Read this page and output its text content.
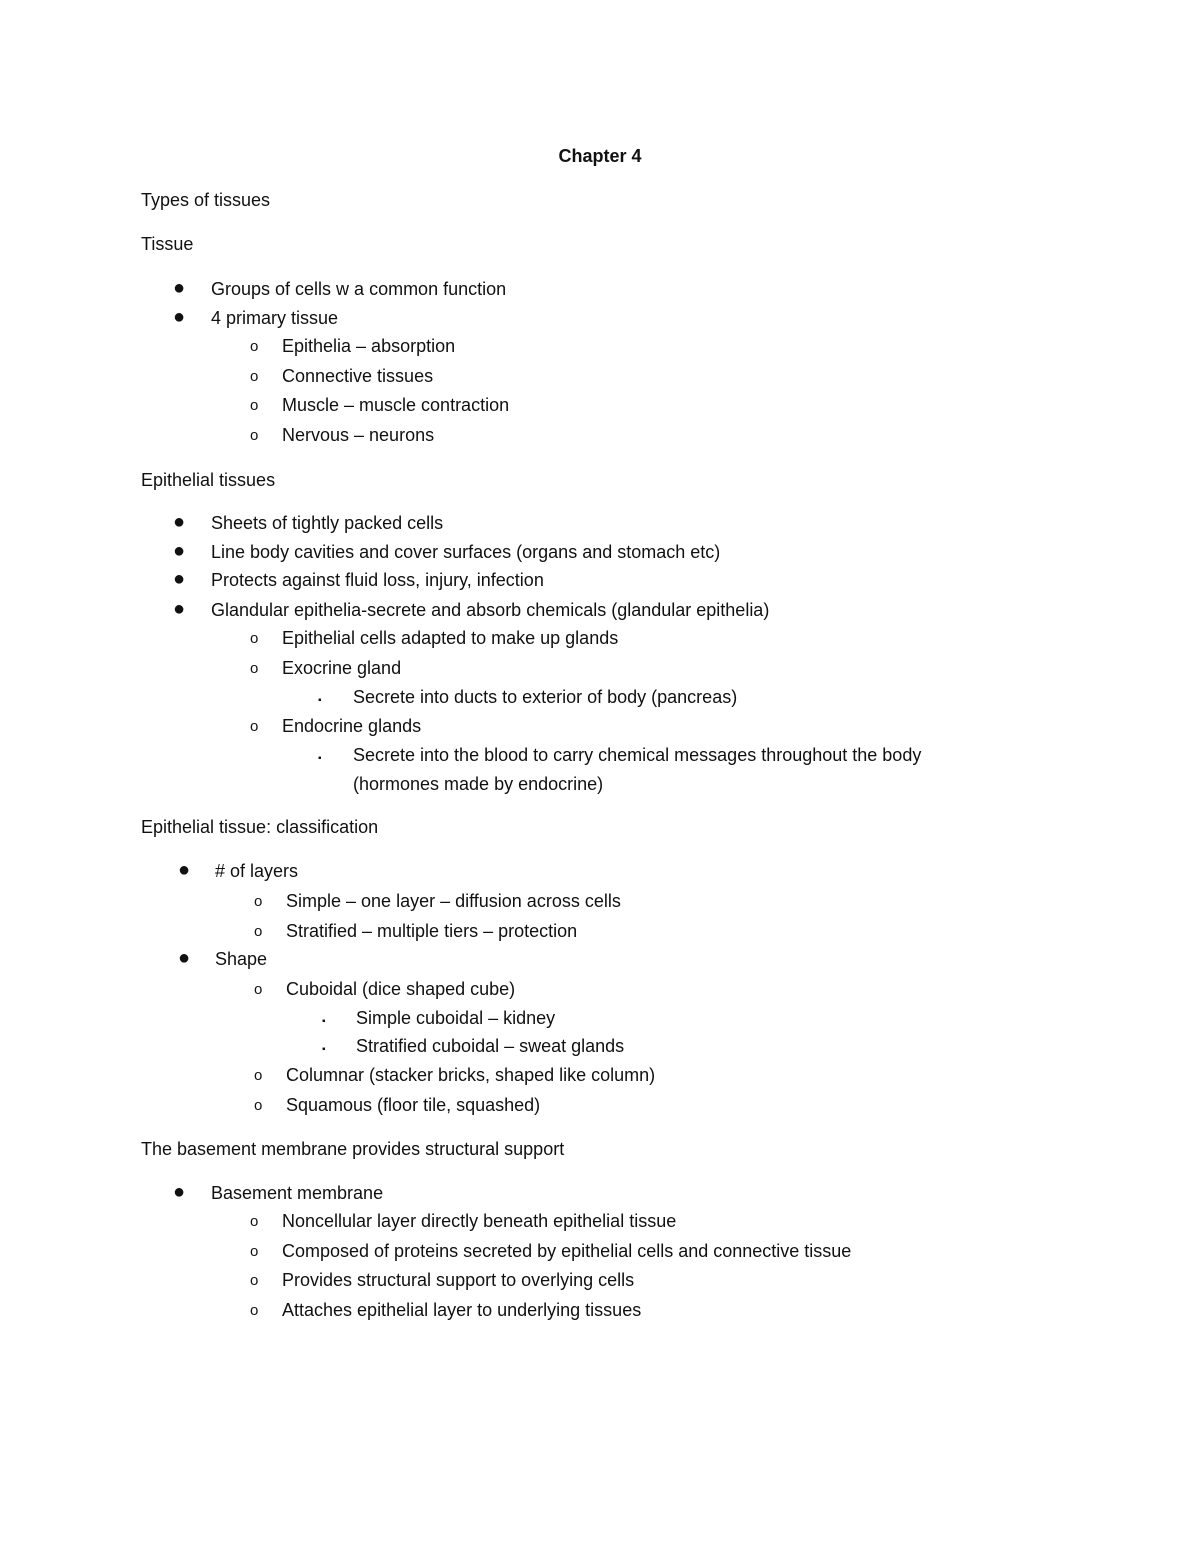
Chapter 4
Types of tissues
Tissue
● Groups of cells w a common function
● 4 primary tissue
o Epithelia – absorption
o Connective tissues
o Muscle – muscle contraction
o Nervous – neurons
Epithelial tissues
● Sheets of tightly packed cells
● Line body cavities and cover surfaces (organs and stomach etc)
● Protects against fluid loss, injury, infection
● Glandular epithelia-secrete and absorb chemicals (glandular epithelia)
o Epithelial cells adapted to make up glands
o Exocrine gland
▪ Secrete into ducts to exterior of body (pancreas)
o Endocrine glands
▪ Secrete into the blood to carry chemical messages throughout the body
(hormones made by endocrine)
Epithelial tissue: classification
● # of layers
o Simple – one layer – diffusion across cells
o Stratified – multiple tiers – protection
● Shape
o Cuboidal (dice shaped cube)
▪ Simple cuboidal – kidney
▪ Stratified cuboidal – sweat glands
o Columnar (stacker bricks, shaped like column)
o Squamous (floor tile, squashed)
The basement membrane provides structural support
● Basement membrane
o Noncellular layer directly beneath epithelial tissue
o Composed of proteins secreted by epithelial cells and connective tissue
o Provides structural support to overlying cells
o Attaches epithelial layer to underlying tissues
